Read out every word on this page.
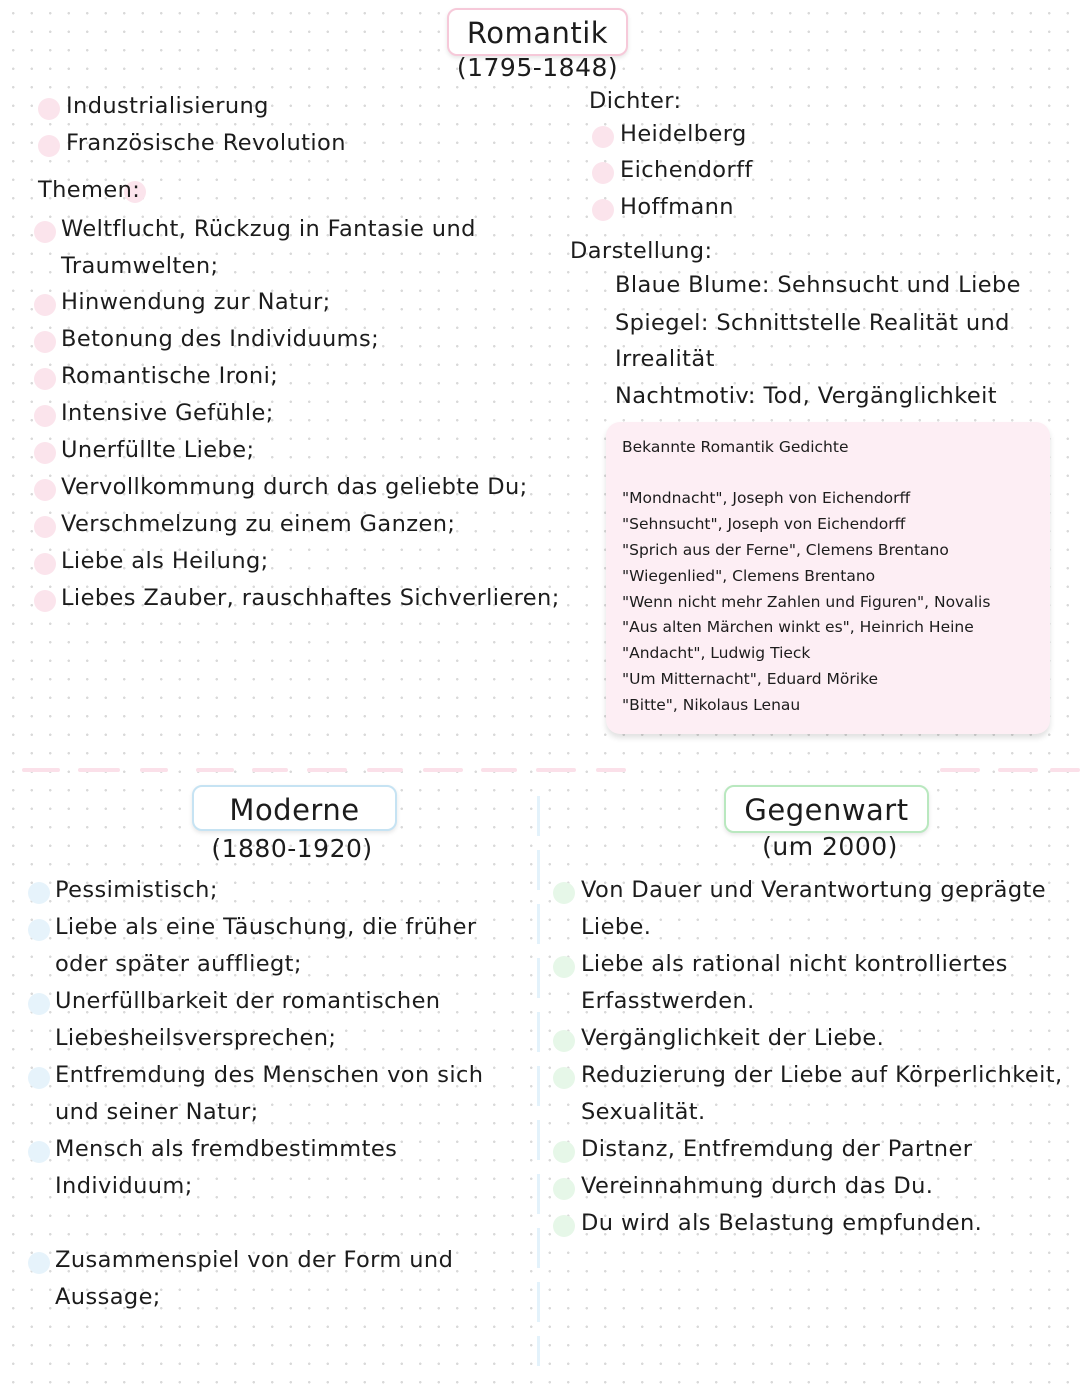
Romantik
(1795-1848)
Industrialisierung
Französische Revolution
Themen:
Weltflucht, Rückzug in Fantasie und
Traumwelten;
Hinwendung zur Natur;
Betonung des Individuums;
Romantische Ironi;
Intensive Gefühle;
Unerfüllte Liebe;
Vervollkommung durch das geliebte Du;
Verschmelzung zu einem Ganzen;
Liebe als Heilung;
Liebes Zauber, rauschhaftes Sichverlieren;
Dichter:
Heidelberg
Eichendorff
Hoffmann
Darstellung:
Blaue Blume: Sehnsucht und Liebe
Spiegel: Schnittstelle Realität und
Irrealität
Nachtmotiv: Tod, Vergänglichkeit
Bekannte Romantik Gedichte
"Mondnacht", Joseph von Eichendorff
"Sehnsucht", Joseph von Eichendorff
"Sprich aus der Ferne", Clemens Brentano
"Wiegenlied", Clemens Brentano
"Wenn nicht mehr Zahlen und Figuren", Novalis
"Aus alten Märchen winkt es", Heinrich Heine
"Andacht", Ludwig Tieck
"Um Mitternacht", Eduard Mörike
"Bitte", Nikolaus Lenau
Moderne
(1880-1920)
Pessimistisch;
Liebe als eine Täuschung, die früher
oder später auffliegt;
Unerfüllbarkeit der romantischen
Liebesheilsversprechen;
Entfremdung des Menschen von sich
und seiner Natur;
Mensch als fremdbestimmtes
Individuum;
Zusammenspiel von der Form und
Aussage;
Gegenwart
(um 2000)
Von Dauer und Verantwortung geprägte
Liebe.
Liebe als rational nicht kontrolliertes
Erfasstwerden.
Vergänglichkeit der Liebe.
Reduzierung der Liebe auf Körperlichkeit,
Sexualität.
Distanz, Entfremdung der Partner
Vereinnahmung durch das Du.
Du wird als Belastung empfunden.
